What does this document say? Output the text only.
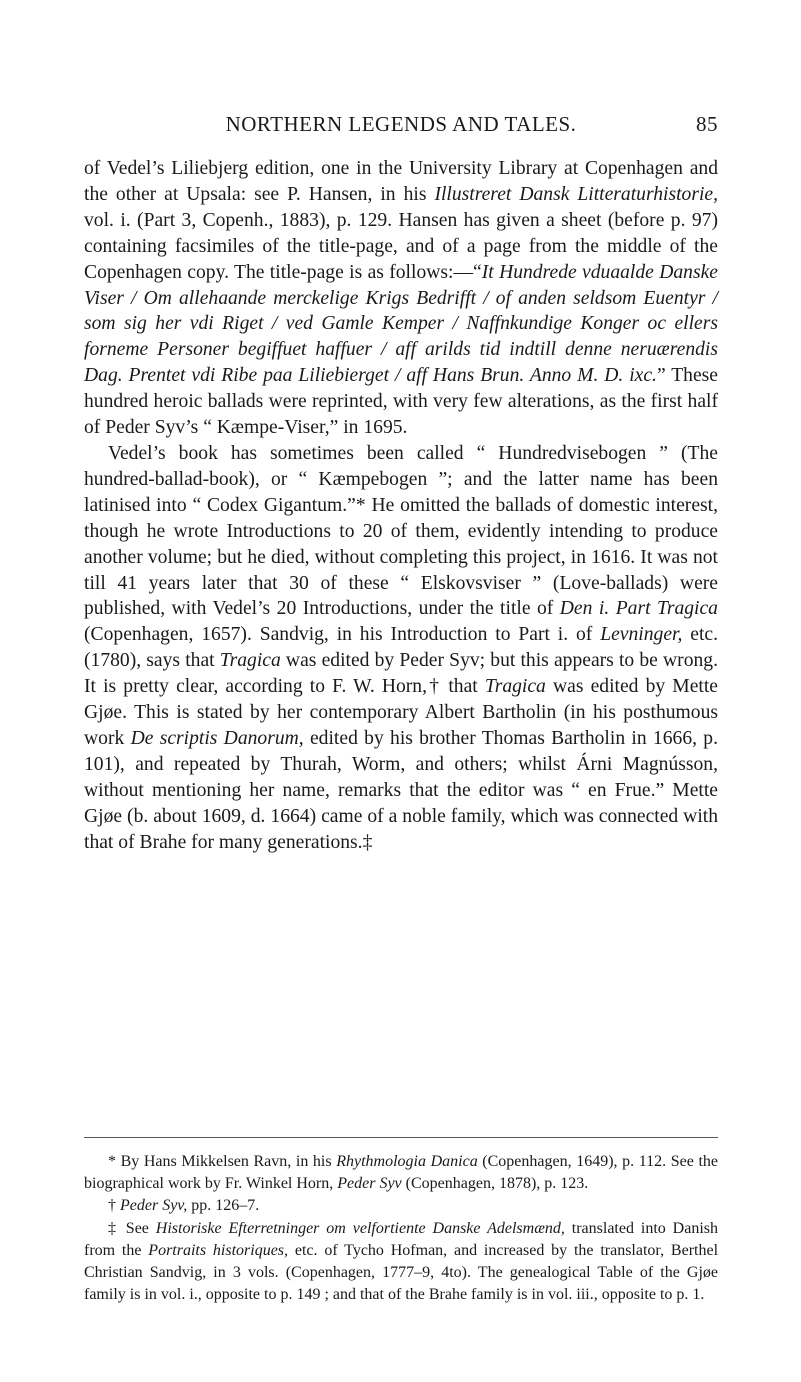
NORTHERN LEGENDS AND TALES.	85

of Vedel’s Liliebjerg edition, one in the University Library at Copenhagen and the other at Upsala: see P. Hansen, in his Illustreret Dansk Litteraturhistorie, vol. i. (Part 3, Copenh., 1883), p. 129. Hansen has given a sheet (before p. 97) containing facsimiles of the title-page, and of a page from the middle of the Copenhagen copy. The title-page is as follows:—“It Hundrede vduaalde Danske Viser / Om allehaande merckelige Krigs Bedrifft / of anden seldsom Euentyr / som sig her vdi Riget / ved Gamle Kemper / Naffnkundige Konger oc ellers forneme Personer begiffuet haffuer / aff arilds tid indtill denne neruærendis Dag. Prentet vdi Ribe paa Liliebierget / aff Hans Brun. Anno M. D. ixc.” These hundred heroic ballads were reprinted, with very few alterations, as the first half of Peder Syv’s “ Kæmpe-Viser,” in 1695.

Vedel’s book has sometimes been called “ Hundredvisebogen ” (The hundred-ballad-book), or “ Kæmpebogen ”; and the latter name has been latinised into “ Codex Gigantum.”* He omitted the ballads of domestic interest, though he wrote Introductions to 20 of them, evidently intending to produce another volume; but he died, without completing this project, in 1616. It was not till 41 years later that 30 of these “ Elskovsviser ” (Love-ballads) were published, with Vedel’s 20 Introductions, under the title of Den i. Part Tragica (Copenhagen, 1657). Sandvig, in his Introduction to Part i. of Levninger, etc. (1780), says that Tragica was edited by Peder Syv; but this appears to be wrong. It is pretty clear, according to F. W. Horn,† that Tragica was edited by Mette Gjøe. This is stated by her contemporary Albert Bartholin (in his posthumous work De scriptis Danorum, edited by his brother Thomas Bartholin in 1666, p. 101), and repeated by Thurah, Worm, and others; whilst Árni Magnússon, without mentioning her name, remarks that the editor was “ en Frue.” Mette Gjøe (b. about 1609, d. 1664) came of a noble family, which was connected with that of Brahe for many generations.‡

* By Hans Mikkelsen Ravn, in his Rhythmologia Danica (Copenhagen, 1649), p. 112. See the biographical work by Fr. Winkel Horn, Peder Syv (Copenhagen, 1878), p. 123.

† Peder Syv, pp. 126–7.

‡ See Historiske Efterretninger om velfortiente Danske Adelsmænd, translated into Danish from the Portraits historiques, etc. of Tycho Hofman, and increased by the translator, Berthel Christian Sandvig, in 3 vols. (Copenhagen, 1777–9, 4to). The genealogical Table of the Gjøe family is in vol. i., opposite to p. 149 ; and that of the Brahe family is in vol. iii., opposite to p. 1.
